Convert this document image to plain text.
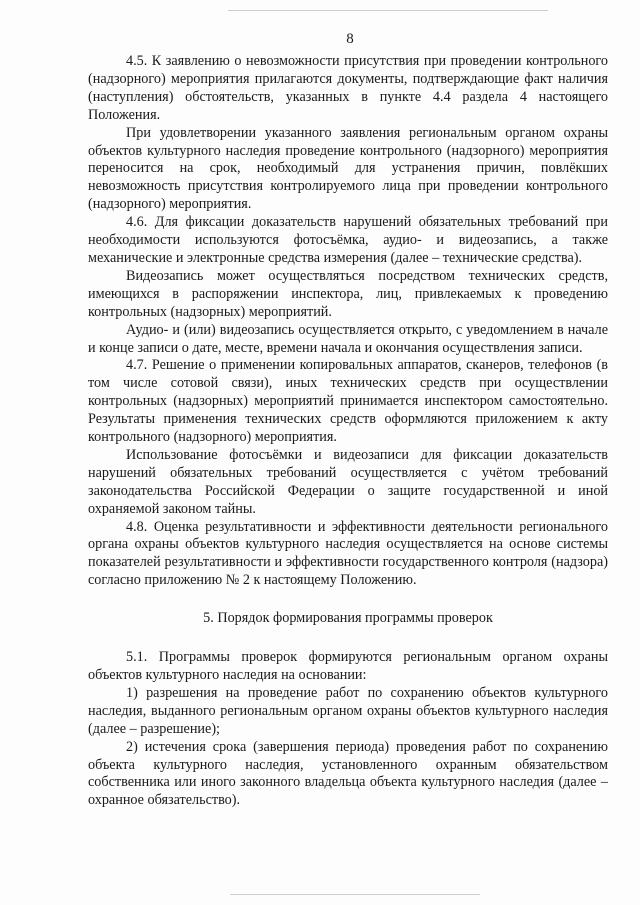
8

4.5. К заявлению о невозможности присутствия при проведении контрольного (надзорного) мероприятия прилагаются документы, подтверждающие факт наличия (наступления) обстоятельств, указанных в пункте 4.4 раздела 4 настоящего Положения.

При удовлетворении указанного заявления региональным органом охраны объектов культурного наследия проведение контрольного (надзорного) мероприятия переносится на срок, необходимый для устранения причин, повлёкших невозможность присутствия контролируемого лица при проведении контрольного (надзорного) мероприятия.

4.6. Для фиксации доказательств нарушений обязательных требований при необходимости используются фотосъёмка, аудио- и видеозапись, а также механические и электронные средства измерения (далее – технические средства).

Видеозапись может осуществляться посредством технических средств, имеющихся в распоряжении инспектора, лиц, привлекаемых к проведению контрольных (надзорных) мероприятий.

Аудио- и (или) видеозапись осуществляется открыто, с уведомлением в начале и конце записи о дате, месте, времени начала и окончания осуществления записи.

4.7. Решение о применении копировальных аппаратов, сканеров, телефонов (в том числе сотовой связи), иных технических средств при осуществлении контрольных (надзорных) мероприятий принимается инспектором самостоятельно. Результаты применения технических средств оформляются приложением к акту контрольного (надзорного) мероприятия.

Использование фотосъёмки и видеозаписи для фиксации доказательств нарушений обязательных требований осуществляется с учётом требований законодательства Российской Федерации о защите государственной и иной охраняемой законом тайны.

4.8. Оценка результативности и эффективности деятельности регионального органа охраны объектов культурного наследия осуществляется на основе системы показателей результативности и эффективности государственного контроля (надзора) согласно приложению № 2 к настоящему Положению.

5. Порядок формирования программы проверок

5.1. Программы проверок формируются региональным органом охраны объектов культурного наследия на основании:

1) разрешения на проведение работ по сохранению объектов культурного наследия, выданного региональным органом охраны объектов культурного наследия (далее – разрешение);

2) истечения срока (завершения периода) проведения работ по сохранению объекта культурного наследия, установленного охранным обязательством собственника или иного законного владельца объекта культурного наследия (далее – охранное обязательство).
